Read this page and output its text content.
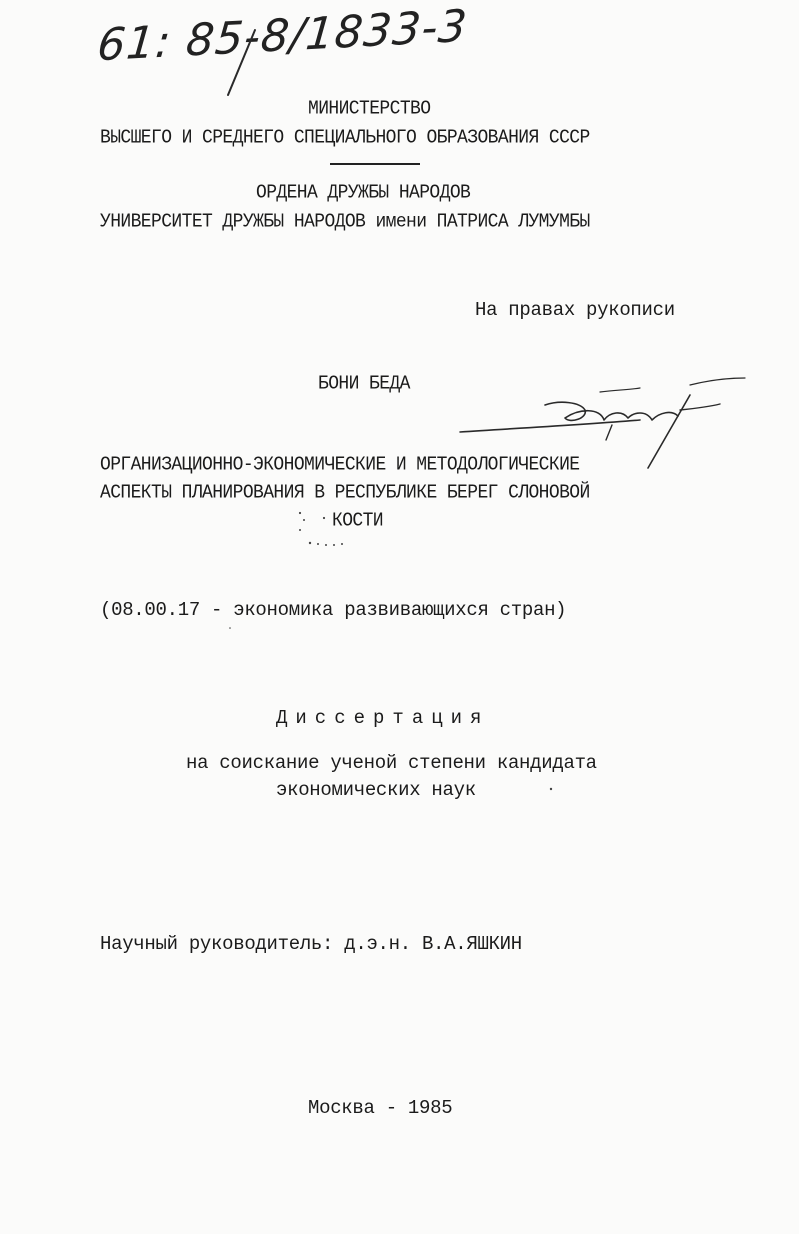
61: 85-8/1833-3
МИНИСТЕРСТВО
ВЫСШЕГО И СРЕДНЕГО СПЕЦИАЛЬНОГО ОБРАЗОВАНИЯ СССР
ОРДЕНА ДРУЖБЫ НАРОДОВ
УНИВЕРСИТЕТ ДРУЖБЫ НАРОДОВ имени ПАТРИСА ЛУМУМБЫ
На правах рукописи
БОНИ БЕДА
ОРГАНИЗАЦИОННО-ЭКОНОМИЧЕСКИЕ И МЕТОДОЛОГИЧЕСКИЕ
АСПЕКТЫ ПЛАНИРОВАНИЯ В РЕСПУБЛИКЕ БЕРЕГ СЛОНОВОЙ
КОСТИ
(08.00.17 - экономика развивающихся стран)
Диссертация
на соискание ученой степени кандидата
экономических наук
Научный руководитель: д.э.н. В.А.ЯШКИН
Москва - 1985
